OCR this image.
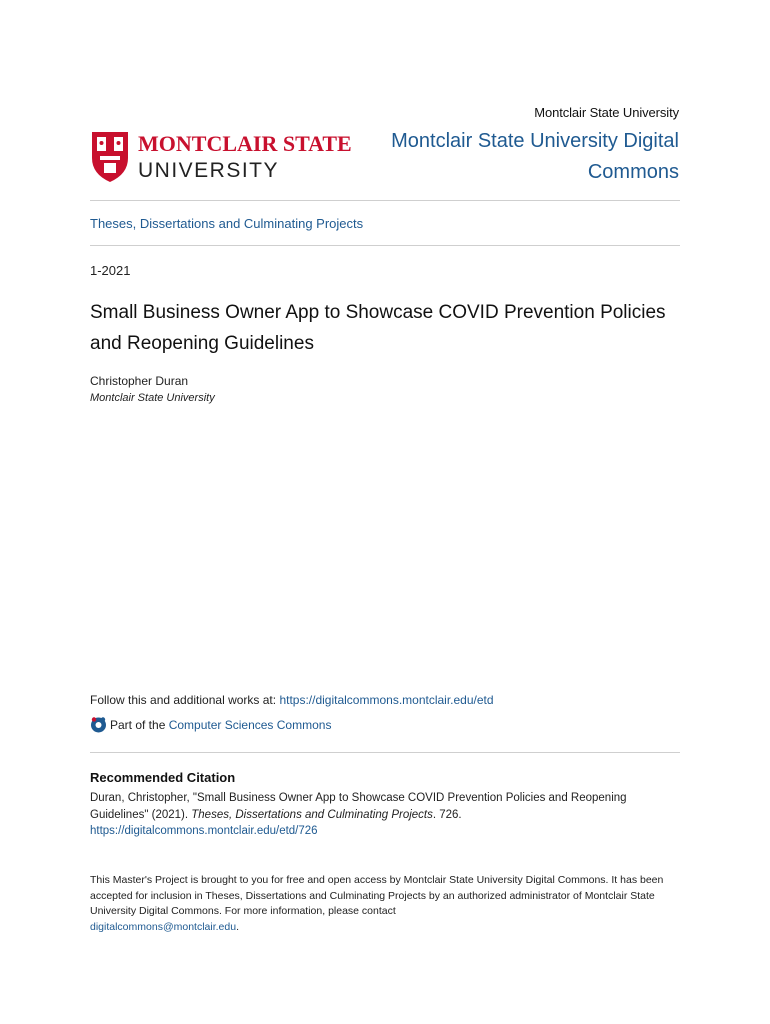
Montclair State University
MONTCLAIR STATE
UNIVERSITY
Montclair State University Digital Commons
Theses, Dissertations and Culminating Projects
1-2021
Small Business Owner App to Showcase COVID Prevention Policies and Reopening Guidelines
Christopher Duran
Montclair State University
Follow this and additional works at: https://digitalcommons.montclair.edu/etd
Part of the
Computer Sciences Commons
Recommended Citation
Duran, Christopher, "Small Business Owner App to Showcase COVID Prevention Policies and Reopening Guidelines" (2021). Theses, Dissertations and Culminating Projects. 726.
https://digitalcommons.montclair.edu/etd/726
This Master's Project is brought to you for free and open access by Montclair State University Digital Commons. It has been accepted for inclusion in Theses, Dissertations and Culminating Projects by an authorized administrator of Montclair State University Digital Commons. For more information, please contact
digitalcommons@montclair.edu.
